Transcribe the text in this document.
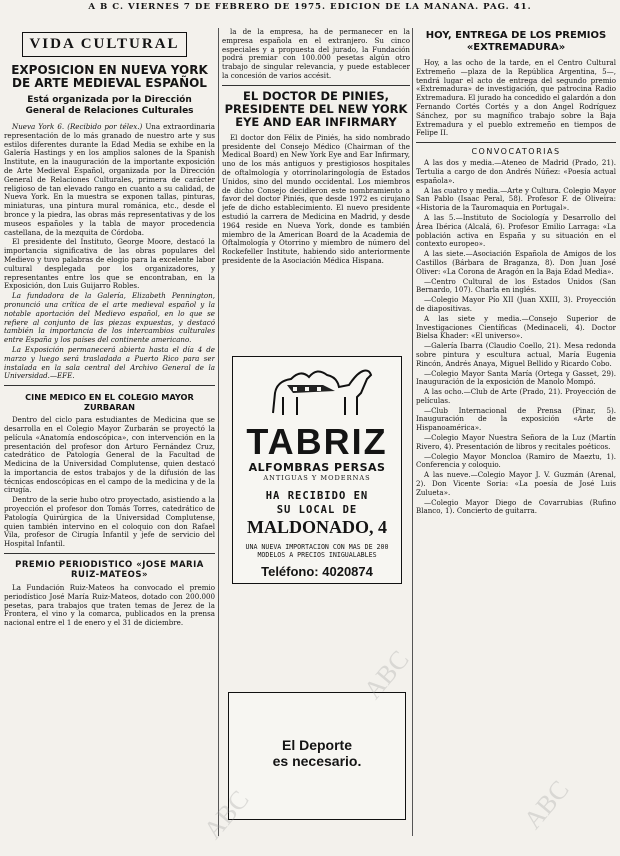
A B C. VIERNES 7 DE FEBRERO DE 1975. EDICION DE LA MAÑANA. PAG. 41.
VIDA CULTURAL
EXPOSICION EN NUEVA YORK DE ARTE MEDIEVAL ESPAÑOL
Está organizada por la Dirección General de Relaciones Culturales

Nueva York 6. (Recibido por télex.) Una extraordinaria representación de lo más granado de nuestro arte y sus estilos diferentes durante la Edad Media se exhibe en la Galería Hastings y en los amplios salones de la Spanish Institute, en la inauguración de la importante exposición de Arte Medieval Español, organizada por la Dirección General de Relaciones Culturales, primera de carácter religioso de tan elevado rango en cuanto a su calidad, de Nueva York. En la muestra se exponen tallas, pinturas, miniaturas, una pintura mural románica, etc., desde el bronce y la piedra, las obras más representativas y de los museos españoles y la tabla de mayor procedencia castellana, de la mezquita de Córdoba.

El presidente del Instituto, George Moore, destacó la importancia significativa de las obras populares del Medievo y tuvo palabras de elogio para la excelente labor cultural desplegada por los organizadores, y representantes entre los que se encontraban, en la Exposición, don Luis Guijarro Robles.

La fundadora de la Galería, Elizabeth Pennington, pronunció una crítica de el arte medieval español y la notable aportación del Medievo español, en lo que se refiere al conjunto de las piezas expuestas, y destacó también la importancia de los intercambios culturales entre España y los países del continente americano.

La Exposición permanecerá abierta hasta el día 4 de marzo y luego será trasladada a Puerto Rico para ser instalada en la sala central del Archivo General de la Universidad.—EFE.

CINE MEDICO EN EL COLEGIO MAYOR ZURBARAN

Dentro del ciclo para estudiantes de Medicina que se desarrolla en el Colegio Mayor Zurbarán se proyectó la película «Anatomía endoscópica», con intervención en la presentación del profesor don Arturo Fernández Cruz, catedrático de Patología General de la Facultad de Medicina de la Universidad Complutense, quien destacó la importancia de estos trabajos y de la difusión de las técnicas endoscópicas en el campo de la medicina y de la cirugía.

Dentro de la serie hubo otro proyectado, asistiendo a la proyección el profesor don Tomás Torres, catedrático de Patología Quirúrgica de la Universidad Complutense, quien también intervino en el coloquio con don Rafael Vila, profesor de Cirugía Infantil y jefe de servicio del Hospital Infantil.

PREMIO PERIODISTICO «JOSE MARIA RUIZ-MATEOS»

La Fundación Ruiz-Mateos ha convocado el premio periodístico José María Ruiz-Mateos, dotado con 200.000 pesetas, para trabajos que traten temas de Jerez de la Frontera, el vino y la comarca, publicados en la prensa nacional entre el 1 de enero y el 31 de diciembre.

la de la empresa, ha de permanecer en la empresa española en el extranjero. Su cinco especiales y a propuesta del jurado, la Fundación podrá premiar con 100.000 pesetas algún otro trabajo de singular relevancia, y puede establecer la concesión de varios accésit.

EL DOCTOR DE PINIES, PRESIDENTE DEL NEW YORK EYE AND EAR INFIRMARY

El doctor don Félix de Piniés, ha sido nombrado presidente del Consejo Médico (Chairman of the Medical Board) en New York Eye and Ear Infirmary, uno de los más antiguos y prestigiosos hospitales de oftalmología y otorrinolaringología de Estados Unidos, sino del mundo occidental. Los miembros de dicho Consejo decidieron este nombramiento a favor del doctor Piniés, que desde 1972 es cirujano jefe de dicho establecimiento. El nuevo presidente estudió la carrera de Medicina en Madrid, y desde 1964 reside en Nueva York, donde es también miembro de la American Board de la Academia de Oftalmología y Otorrino y miembro de número del Rockefeller Institute, habiendo sido anteriormente presidente de la Asociación Médica Hispana.

TABRIZ
ALFOMBRAS PERSAS
ANTIGUAS Y MODERNAS
HA RECIBIDO EN
SU LOCAL DE
MALDONADO, 4
UNA NUEVA IMPORTACION CON MAS DE 200 MODELOS A PRECIOS INIGUALABLES
Teléfono: 4020874
El Deporte
es necesario.
HOY, ENTREGA DE LOS PREMIOS «EXTREMADURA»

Hoy, a las ocho de la tarde, en el Centro Cultural Extremeño —plaza de la República Argentina, 5—, tendrá lugar el acto de entrega del segundo premio «Extremadura» de investigación, que patrocina Radio Extremadura. El jurado ha concedido el galardón a don Fernando Cortés Cortés y a don Angel Rodríguez Sánchez, por su magnífico trabajo sobre la Baja Extremadura y el pueblo extremeño en tiempos de Felipe II.

CONVOCATORIAS

A las dos y media.—Ateneo de Madrid (Prado, 21). Tertulia a cargo de don Andrés Núñez: «Poesía actual española».

A las cuatro y media.—Arte y Cultura. Colegio Mayor San Pablo (Isaac Peral, 58). Profesor F. de Oliveira: «Historia de la Tauromaquia en Portugal».

A las 5.—Instituto de Sociología y Desarrollo del Área Ibérica (Alcalá, 6). Profesor Emilio Larraga: «La población activa en España y su situación en el contexto europeo».

A las siete.—Asociación Española de Amigos de los Castillos (Bárbara de Braganza, 8). Don Juan José Oliver: «La Corona de Aragón en la Baja Edad Media».

—Centro Cultural de los Estados Unidos (San Bernardo, 107). Charla en inglés.

—Colegio Mayor Pío XII (Juan XXIII, 3). Proyección de diapositivas.

A las siete y media.—Consejo Superior de Investigaciones Científicas (Medinaceli, 4). Doctor Bielsa Khader: «El universo».

—Galería Ibarra (Claudio Coello, 21). Mesa redonda sobre pintura y escultura actual, María Eugenia Rincón, Andrés Anaya, Miguel Bellido y Ricardo Cobo.

—Colegio Mayor Santa María (Ortega y Gasset, 29). Inauguración de la exposición de Manolo Mompó.

A las ocho.—Club de Arte (Prado, 21). Proyección de películas.

—Club Internacional de Prensa (Pinar, 5). Inauguración de la exposición «Arte de Hispanoamérica».

—Colegio Mayor Nuestra Señora de la Luz (Martín Rivero, 4). Presentación de libros y recitales poéticos.

—Colegio Mayor Moncloa (Ramiro de Maeztu, 1). Conferencia y coloquio.

A las nueve.—Colegio Mayor J. V. Guzmán (Arenal, 2). Don Vicente Soria: «La poesía de José Luis Zulueta».

—Colegio Mayor Diego de Covarrubias (Rufino Blanco, 1). Concierto de guitarra.

ABC
ABC
ABC
